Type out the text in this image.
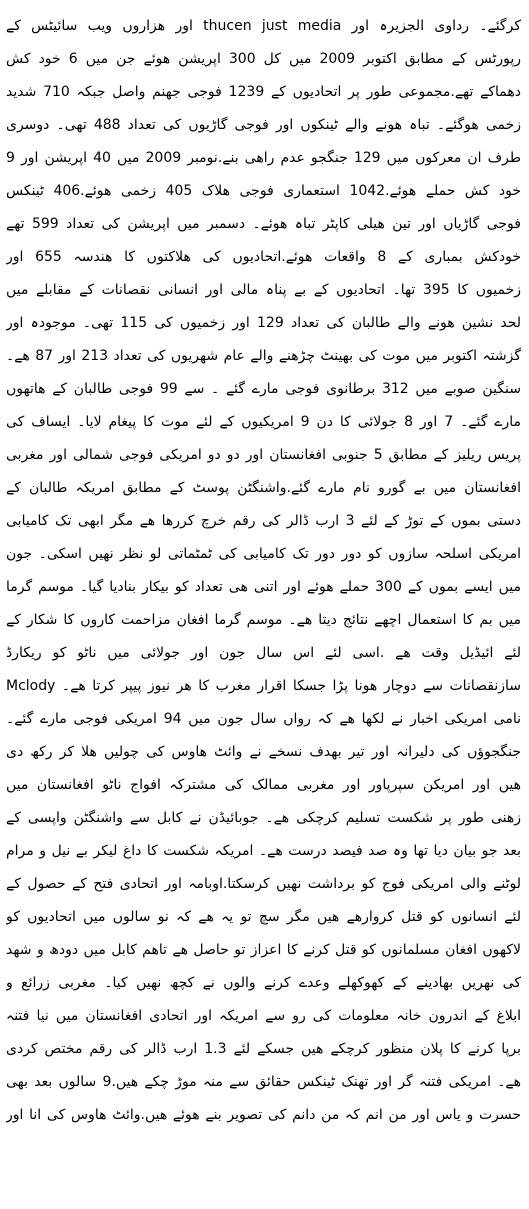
کرگئے۔ رداوی الجزیرہ اور thucen just media اور ھزاروں ویب سائیٹس کے
رپورٹس کے مطابق اکتوبر 2009 میں کل 300 اپریشن ھوئے جن میں 6 خود کش
دھماکے تھے.مجموعی طور پر اتحادیوں کے 1239 فوجی جھنم واصل جبکہ 710 شدید
زخمی ھوگئے۔ تباہ ھونے والے ٹینکوں اور فوجی گاڑیوں کی تعداد 488 تھی۔ دوسری
طرف ان معرکوں میں 129 جنگجو عدم راھی بنے.نومبر 2009 میں 40 اپریشن اور 9
خود کش حملے ھوئے.1042 استعماری فوجی ھلاک 405 زخمی ھوئے.406 ٹینکس
فوجی گاڑیاں اور تین ھیلی کاپٹر تباہ ھوئے۔ دسمبر میں اپریشن کی تعداد 599 تھے
خودکش بمباری کے 8 واقعات ھوئے.اتحادیوں کی ھلاکتوں کا ھندسہ 655 اور
زخمیوں کا 395 تھا۔ اتحادیوں کے بے پناہ مالی اور انسانی نقصانات کے مقابلے میں
لحد نشین ھونے والے طالبان کی تعداد 129 اور زخمیوں کی 115 تھی۔ موجودہ اور
گزشتہ اکتوبر میں موت کی بھینٹ چڑھنے والے عام شھریوں کی تعداد 213 اور 87 ھے۔
سنگین صوبے میں 312 برطانوی فوجی مارے گئے ۔ سے 99 فوجی طالبان کے ھاتھوں
مارے گئے۔ 7 اور 8 جولائی کا دن 9 امریکیوں کے لئے موت کا پیغام لایا۔ ایساف کی
پریس ریلیز کے مطابق 5 جنوبی افغانستان اور دو دو امریکی فوجی شمالی اور مغربی
افغانستان میں بے گورو نام مارے گئے.واشنگٹن پوسٹ کے مطابق امریکہ طالبان کے
دستی بموں کے توڑ کے لئے 3 ارب ڈالر کی رقم خرچ کررھا ھے مگر ابھی تک کامیابی
امریکی اسلحہ سازوں کو دور دور تک کامیابی کی ٹمٹماتی لو نظر نھیں اسکی۔ جون
میں ایسے بموں کے 300 حملے ھوئے اور اتنی ھی تعداد کو بیکار بنادیا گیا۔ موسم گرما
میں بم کا استعمال اچھے نتائج دیتا ھے۔ موسم گرما افغان مزاحمت کاروں کا شکار کے
لئے ائیڈیل وقت ھے .اسی لئے اس سال جون اور جولائی میں ناٹو کو ریکارڈ
سازنقصانات سے دوچار ھونا پڑا جسکا اقرار مغرب کا ھر نیوز پیپر کرتا ھے۔ Mclody
نامی امریکی اخبار نے لکھا ھے کہ رواں سال جون میں 94 امریکی فوجی مارے گئے۔
جنگجوؤں کی دلیرانہ اور تیر بھدف نسخے نے وائٹ ھاوس کی چولیں ھلا کر رکھ دی
ھیں اور امریکن سپرپاور اور مغربی ممالک کی مشترکہ افواج ناٹو افغانستان میں
زھنی طور پر شکست تسلیم کرچکی ھے۔ جوبائیڈن نے کابل سے واشنگٹن واپسی کے
بعد جو بیان دیا تھا وہ صد فیصد درست ھے۔ امریکہ شکست کا داغ لیکر بے نیل و مرام
لوٹنے والی امریکی فوج کو برداشت نھیں کرسکتا.اوبامہ اور اتحادی فتح کے حصول کے
لئے انسانوں کو قتل کروارھے ھیں مگر سچ تو یہ ھے کہ نو سالوں میں اتحادیوں کو
لاکھوں افغان مسلمانوں کو قتل کرنے کا اعزاز تو حاصل ھے تاھم کابل میں دودھ و شھد
کی نھریں بھادینے کے کھوکھلے وعدے کرنے والوں نے کچھ نھیں کیا۔ مغربی زرائع و
ابلاغ کے اندرون خانہ معلومات کی رو سے امریکہ اور اتحادی افغانستان میں نیا فتنہ
برپا کرنے کا پلان منظور کرچکے ھیں جسکے لئے 1.3 ارب ڈالر کی رقم مختص کردی
ھے۔ امریکی فتنہ گر اور تھنک ٹینکس حقائق سے منہ موڑ چکے ھیں.9 سالوں بعد بھی
حسرت و یاس اور من انم کہ من دانم کی تصویر بنے ھوئے ھیں.وائٹ ھاوس کی انا اور
